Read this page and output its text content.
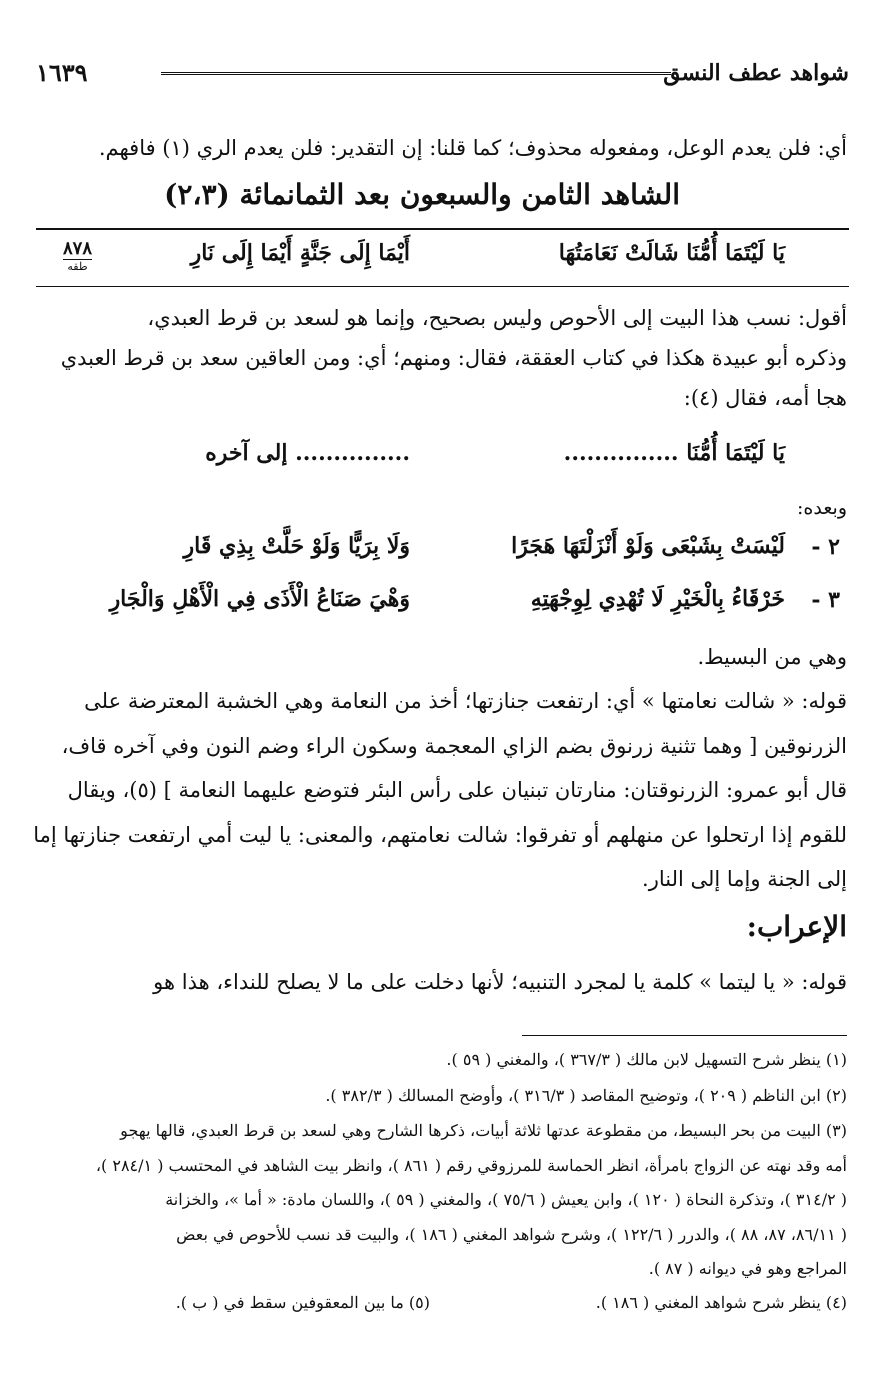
شواهد عطف النسق
١٦٣٩
أي: فلن يعدم الوعل، ومفعوله محذوف؛ كما قلنا: إن التقدير: فلن يعدم الري (١) فافهم.
الشاهد الثامن والسبعون بعد الثمانمائة (٢،٣)
٨٧٨
طقه
يَا لَيْتَمَا أُمُّنَا شَالَتْ نَعَامَتُهَا
أَيْمَا إِلَى جَنَّةٍ أَيْمَا إِلَى نَارِ
أقول: نسب هذا البيت إلى الأحوص وليس بصحيح، وإنما هو لسعد بن قرط العبدي،
وذكره أبو عبيدة هكذا في كتاب العققة، فقال: ومنهم؛ أي: ومن العاقين سعد بن قرط العبدي
هجا أمه، فقال (٤):
يَا لَيْتَمَا أُمُّنَا ...............
............... إلى آخره
وبعده:
٢ -
لَيْسَتْ بِشَبْعَى وَلَوْ أَنْزَلْتَهَا هَجَرًا
وَلَا بِرَيًّا وَلَوْ حَلَّتْ بِذِي قَارِ
٣ -
خَرْقَاءُ بِالْخَيْرِ لَا تُهْدِي لِوِجْهَتِهِ
وَهْيَ صَنَاعُ الْأَذَى فِي الْأَهْلِ وَالْجَارِ
وهي من البسيط.
قوله: « شالت نعامتها » أي: ارتفعت جنازتها؛ أخذ من النعامة وهي الخشبة المعترضة على
الزرنوقين [ وهما تثنية زرنوق بضم الزاي المعجمة وسكون الراء وضم النون وفي آخره قاف،
قال أبو عمرو: الزرنوقتان: منارتان تبنيان على رأس البئر فتوضع عليهما النعامة ] (٥)، ويقال
للقوم إذا ارتحلوا عن منهلهم أو تفرقوا: شالت نعامتهم، والمعنى: يا ليت أمي ارتفعت جنازتها إما
إلى الجنة وإما إلى النار.
الإعراب:
قوله: « يا ليتما » كلمة يا لمجرد التنبيه؛ لأنها دخلت على ما لا يصلح للنداء، هذا هو
(١) ينظر شرح التسهيل لابن مالك ( ٣٦٧/٣ )، والمغني ( ٥٩ ).
(٢) ابن الناظم ( ٢٠٩ )، وتوضيح المقاصد ( ٣١٦/٣ )، وأوضح المسالك ( ٣٨٢/٣ ).
(٣) البيت من بحر البسيط، من مقطوعة عدتها ثلاثة أبيات، ذكرها الشارح وهي لسعد بن قرط العبدي، قالها يهجو
أمه وقد نهته عن الزواج بامرأة، انظر الحماسة للمرزوقي رقم ( ٨٦١ )، وانظر بيت الشاهد في المحتسب ( ٢٨٤/١ )،
( ٣١٤/٢ )، وتذكرة النحاة ( ١٢٠ )، وابن يعيش ( ٧٥/٦ )، والمغني ( ٥٩ )، واللسان مادة: « أما »، والخزانة
( ٨٦/١١، ٨٧، ٨٨ )، والدرر ( ١٢٢/٦ )، وشرح شواهد المغني ( ١٨٦ )، والبيت قد نسب للأحوص في بعض
المراجع وهو في ديوانه ( ٨٧ ).
(٤) ينظر شرح شواهد المغني ( ١٨٦ ).
(٥) ما بين المعقوفين سقط في ( ب ).
